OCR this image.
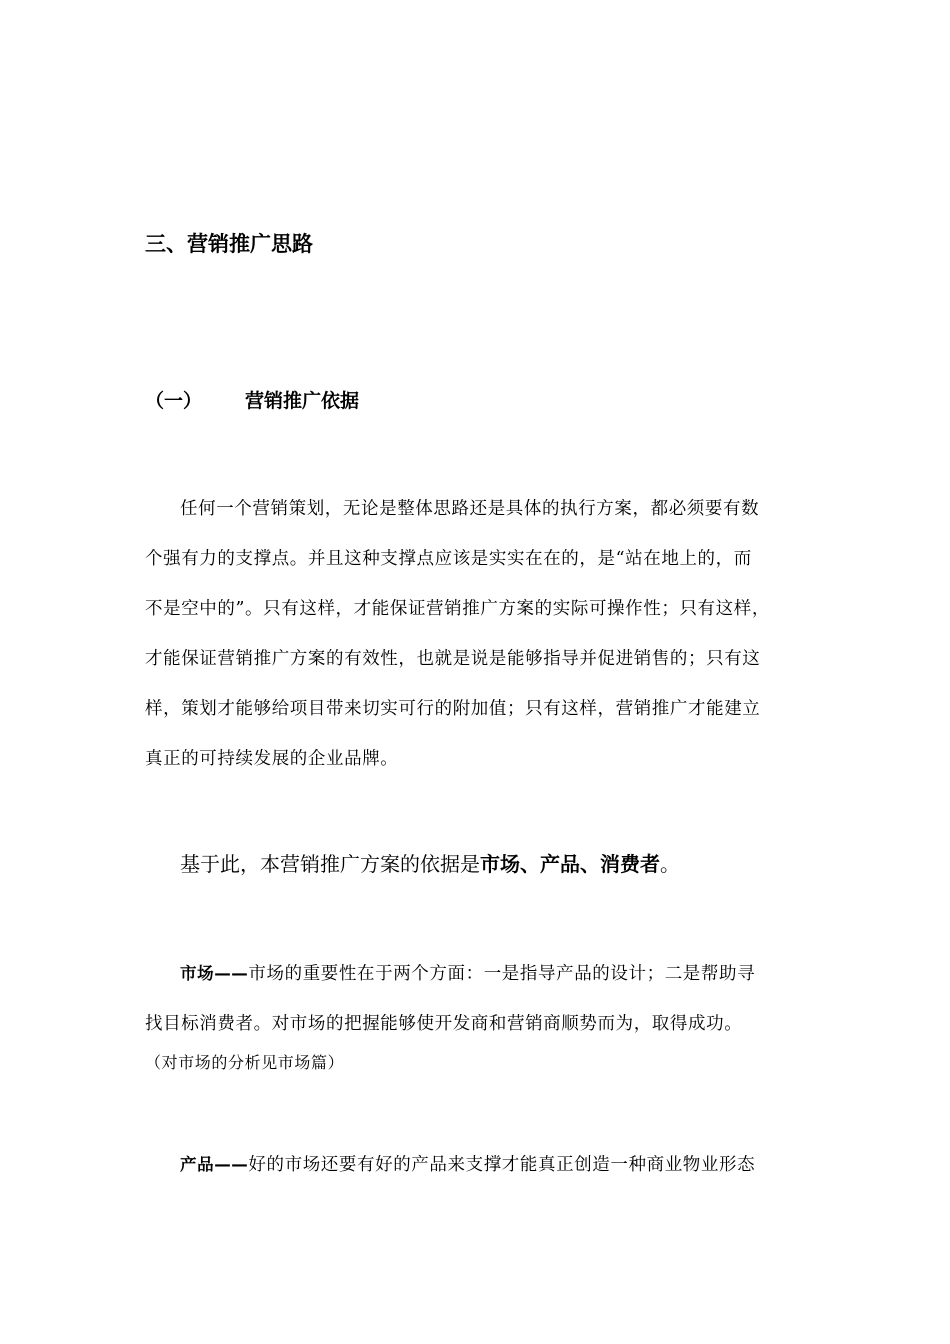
三、营销推广思路
（一） 营销推广依据
任何一个营销策划，无论是整体思路还是具体的执行方案，都必须要有数
个强有力的支撑点。并且这种支撑点应该是实实在在的，是“站在地上的，而
不是空中的”。只有这样，才能保证营销推广方案的实际可操作性；只有这样，
才能保证营销推广方案的有效性，也就是说是能够指导并促进销售的；只有这
样，策划才能够给项目带来切实可行的附加值；只有这样，营销推广才能建立
真正的可持续发展的企业品牌。
基于此，本营销推广方案的依据是市场、产品、消费者。
市场——市场的重要性在于两个方面：一是指导产品的设计；二是帮助寻
找目标消费者。对市场的把握能够使开发商和营销商顺势而为，取得成功。
（对市场的分析见市场篇）
产品——好的市场还要有好的产品来支撑才能真正创造一种商业物业形态
